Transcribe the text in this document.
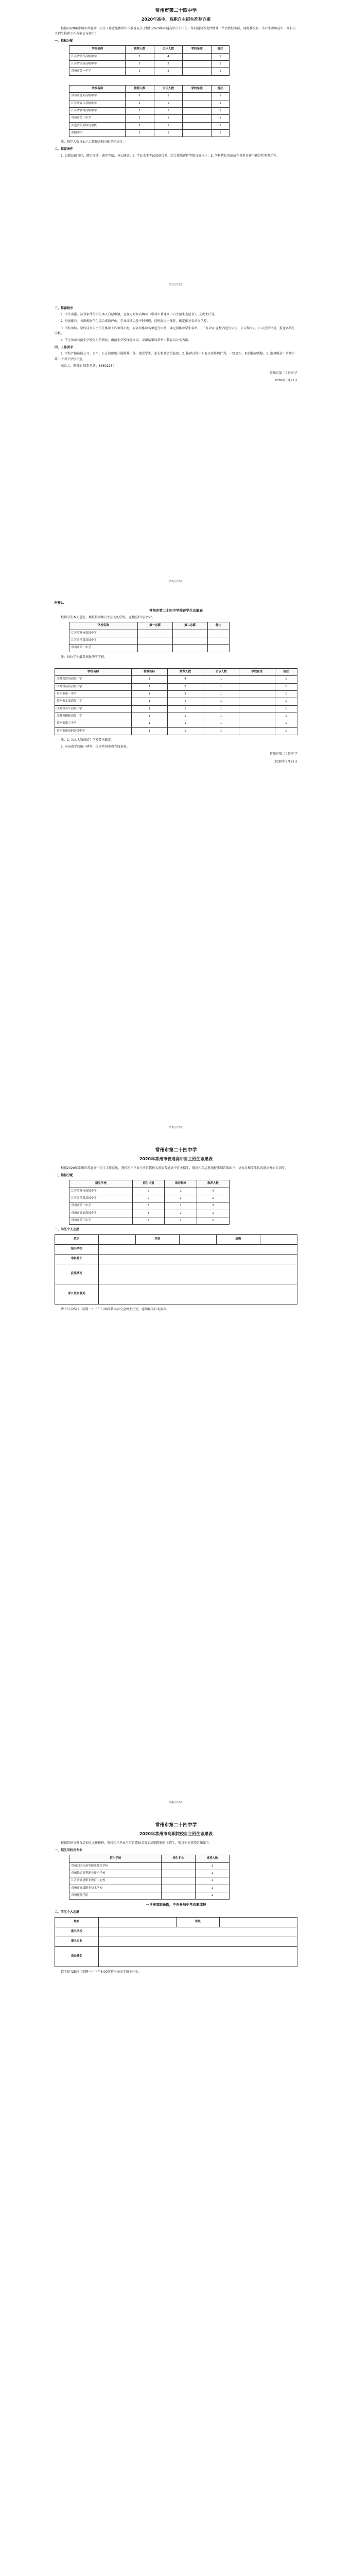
常州市第二十四中学
2020年高中、高职自主招生准荐方案

根据2020年常州市普通高中招生工作意见和常州市教育局关于做好2020年普通高中自主招生工作的通知等文件精神，结合我校实际，现将我校初三毕业生参加高中、高职自主招生推荐工作方案公布如下：

一、指标分配
学校名称	推荐人数	公示人数	学校备注	备注
江苏省常州高级中学	1	4		1
江苏省前黄高级中学	1	2		1
常州市第一中学	1	3		1
学校名称	推荐人数	公示人数	学校备注	备注
常州市北郊高级中学	1	1		1
江苏省奔牛高级中学	1	1		1
江苏省横林高级中学	1	1		1
常州市第三中学	1	1		1
武进清英外国语学校	1	1		1
溧阳中学	1	1		1

注：推荐人数与公示人数按各校分配指标执行。

二、推荐条件

1. 思想品德良好，遵纪守法，诚实守信，身心健康；2. 学业水平考试成绩优秀，综合素质评价等级良好以上；3. 学科特长突出或在各类竞赛中获得奖项者优先。

第1页共5页
三、推荐程序

1. 学生申报。符合条件的学生本人自愿申请，在规定时间内填写《常州市普通高中自主招生志愿表》，交班主任处。

2. 班级推荐。各班根据学生综合素质评价、学业成绩以及平时表现，经班级民主推荐，确定推荐名单报学校。

3. 学校审核。学校成立自主招生推荐工作领导小组，对各班推荐名单进行审核，确定拟推荐学生名单，于5月26日在校内进行公示，公示期3天。公示无异议后，报送各招生学校。

4. 学生参加各招生学校组织的测试，由招生学校择优录取，录取结果以常州市教育局公布为准。

四、工作要求

1. 学校严格按照公开、公平、公正的原则开展推荐工作，接受学生、家长和社会的监督。2. 推荐过程中如有弄虚作假行为，一经查实，取消推荐资格。3. 监督电话：常州市第二十四中学校长室。

联系人：教务处 联系电话：86601234

常州市第二十四中学
2020年5月21日
第2页共5页
附件1：
常州市第二十四中学推荐学生志愿表

根据学生本人意愿，填报拟参加自主招生的学校，在相应栏内打“√”。

学校名称	第一志愿	第二志愿	备注
江苏省常州高级中学			
江苏省前黄高级中学			
常州市第一中学			

注：每位学生最多填报两所学校。

学校名称	推荐指标	推荐人数	公示人数	学校备注	备注
江苏省常州高级中学	1	4	1		1
江苏省前黄高级中学	1	2	1		1
常州市第一中学	1	3	1		1
常州市北郊高级中学	1	1	1		1
江苏省奔牛高级中学	1	1	1		1
江苏省横林高级中学	1	1	1		1
常州市第三中学	1	1	1		1
常州市田家炳高级中学	1	1	1		1

注：1. 公示人数按招生学校要求确定。

2. 本表由学校统一填写，报送常州市教育局备案。

常州市第二十四中学
2020年5月21日
第3页共5页
常州市第二十四中学
2020年常州市普通高中自主招生志愿表

根据2020年常州市普通高中招生工作意见，我校初三毕业生可自愿报名参加普通高中自主招生，现将相关志愿填报事项告知如下，请家长和学生认真阅读并如实填写。

一、指标分配
招生学校	招生计划	推荐指标	推荐人数
江苏省常州高级中学	2	1	4
江苏省前黄高级中学	2	1	2
常州市第一中学	3	1	3
常州市北郊高级中学	3	1	1
常州市第三中学	3	1	1
二、学生个人志愿
姓名		性别		班级	
报名学校					
学科特长					
获奖情况					
家长签名意见					

请于5月25日（星期一）下午5:00前将本表交至班主任处，逾期视为自动放弃。

第4页共5页
常州市第二十四中学
2020年常州市高职院校自主招生志愿表

根据常州市教育局相关文件精神，我校初三毕业生可自愿报名参加高职院校自主招生，现将相关事项告知如下。

一、招生学校及专业
招生学校	招生专业	推荐人数
常州刘国钧高等职业技术学校		1
常州铁道高等职业技术学校		1
江苏省武进职业教育中心校		1
常州市高级职业技术学校		1
常州技师学院		1
一旦被高职录取，不再参加中考志愿填报
二、学生个人志愿
姓名		班级	
报名学校			
报名专业			
家长签名			

请于5月25日（星期一）下午5:00前将本表交至班主任处。
